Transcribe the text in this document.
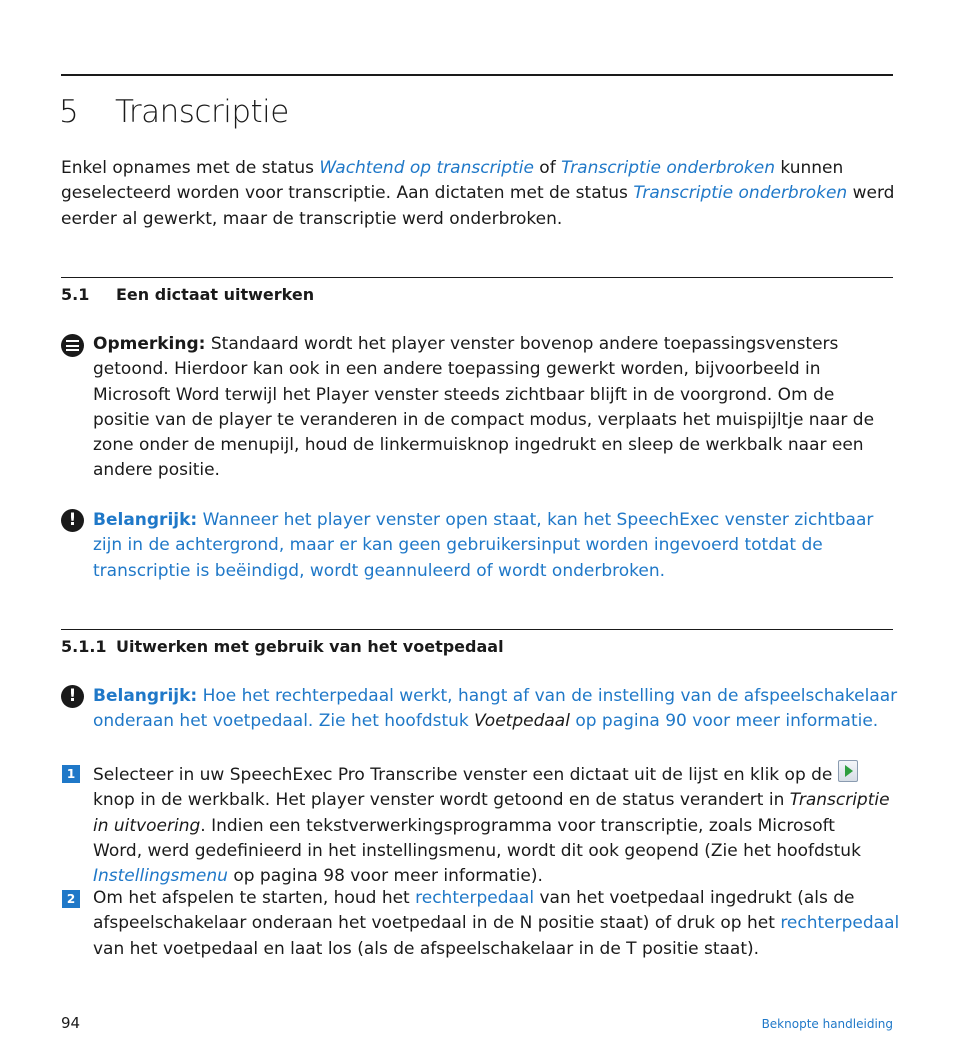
5 Transcriptie
Enkel opnames met de status Wachtend op transcriptie of Transcriptie onderbroken kunnen
geselecteerd worden voor transcriptie. Aan dictaten met de status Transcriptie onderbroken werd
eerder al gewerkt, maar de transcriptie werd onderbroken.
5.1 Een dictaat uitwerken
Opmerking: Standaard wordt het player venster bovenop andere toepassingsvensters
getoond. Hierdoor kan ook in een andere toepassing gewerkt worden, bijvoorbeeld in
Microsoft Word terwijl het Player venster steeds zichtbaar blijft in de voorgrond. Om de
positie van de player te veranderen in de compact modus, verplaats het muispijltje naar de
zone onder de menupijl, houd de linkermuisknop ingedrukt en sleep de werkbalk naar een
andere positie.
! Belangrijk: Wanneer het player venster open staat, kan het SpeechExec venster zichtbaar
zijn in de achtergrond, maar er kan geen gebruikersinput worden ingevoerd totdat de
transcriptie is beëindigd, wordt geannuleerd of wordt onderbroken.
5.1.1 Uitwerken met gebruik van het voetpedaal
! Belangrijk: Hoe het rechterpedaal werkt, hangt af van de instelling van de afspeelschakelaar
onderaan het voetpedaal. Zie het hoofdstuk Voetpedaal op pagina 90 voor meer informatie.
1 Selecteer in uw SpeechExec Pro Transcribe venster een dictaat uit de lijst en klik op de
knop in de werkbalk. Het player venster wordt getoond en de status verandert in Transcriptie
in uitvoering. Indien een tekstverwerkingsprogramma voor transcriptie, zoals Microsoft
Word, werd gedefinieerd in het instellingsmenu, wordt dit ook geopend (Zie het hoofdstuk
Instellingsmenu op pagina 98 voor meer informatie).
2 Om het afspelen te starten, houd het rechterpedaal van het voetpedaal ingedrukt (als de
afspeelschakelaar onderaan het voetpedaal in de N positie staat) of druk op het rechterpedaal
van het voetpedaal en laat los (als de afspeelschakelaar in de T positie staat).
94	Beknopte handleiding
